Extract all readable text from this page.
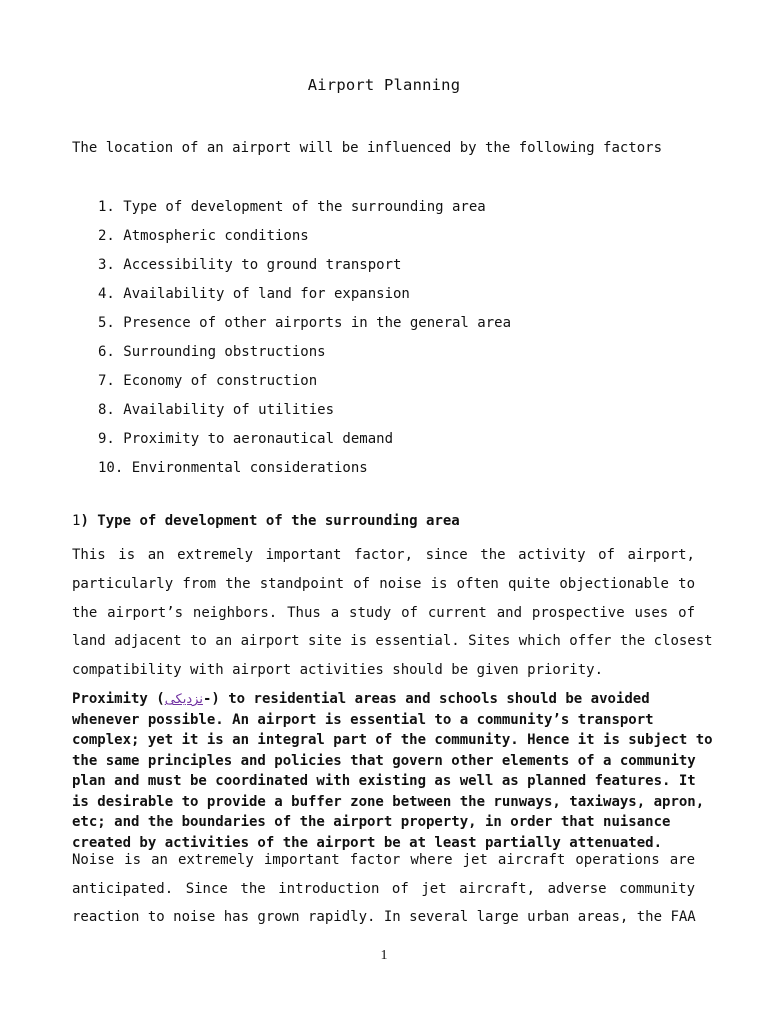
Airport Planning
The location of an airport will be influenced by the following factors
1. Type of development of the surrounding area
2. Atmospheric conditions
3. Accessibility to ground transport
4. Availability of land for expansion
5. Presence of other airports in the general area
6. Surrounding obstructions
7. Economy of construction
8. Availability of utilities
9. Proximity to aeronautical demand
10. Environmental considerations
1) Type of development of the surrounding area
This is an extremely important factor, since the activity of airport,
particularly from the standpoint of noise is often quite objectionable to
the airport’s neighbors. Thus a study of current and prospective uses of
land adjacent to an airport site is essential. Sites which offer the closest
compatibility with airport activities should be given priority.
Proximity (نزدیکی-) to residential areas and schools should be avoided
whenever possible. An airport is essential to a community’s transport
complex; yet it is an integral part of the community. Hence it is subject to
the same principles and policies that govern other elements of a community
plan and must be coordinated with existing as well as planned features. It
is desirable to provide a buffer zone between the runways, taxiways, apron,
etc; and the boundaries of the airport property, in order that nuisance
created by activities of the airport be at least partially attenuated.
Noise is an extremely important factor where jet aircraft operations are
anticipated. Since the introduction of jet aircraft, adverse community
reaction to noise has grown rapidly. In several large urban areas, the FAA
1
